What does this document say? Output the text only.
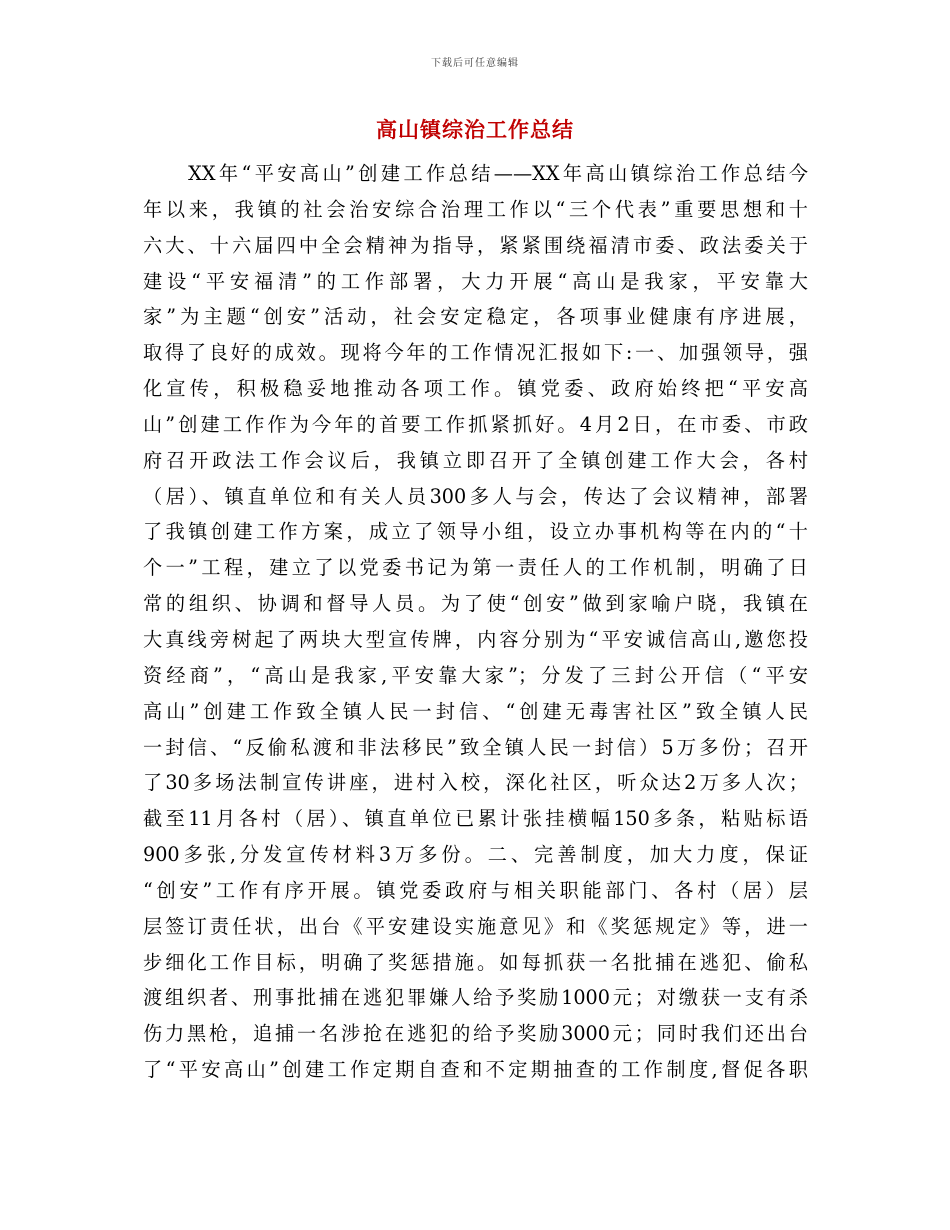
下载后可任意编辑
高山镇综治工作总结
　　XX年“平安高山”创建工作总结——XX年高山镇综治工作总结今
年以来，我镇的社会治安综合治理工作以“三个代表”重要思想和十
六大、十六届四中全会精神为指导，紧紧围绕福清市委、政法委关于
建设“平安福清”的工作部署，大力开展“高山是我家，平安靠大
家”为主题“创安”活动，社会安定稳定，各项事业健康有序进展，
取得了良好的成效。现将今年的工作情况汇报如下:一、加强领导，强
化宣传，积极稳妥地推动各项工作。镇党委、政府始终把“平安高
山”创建工作作为今年的首要工作抓紧抓好。4月2日，在市委、市政
府召开政法工作会议后，我镇立即召开了全镇创建工作大会，各村
（居）、镇直单位和有关人员300多人与会，传达了会议精神，部署
了我镇创建工作方案，成立了领导小组，设立办事机构等在内的“十
个一”工程，建立了以党委书记为第一责任人的工作机制，明确了日
常的组织、协调和督导人员。为了使“创安”做到家喻户晓，我镇在
大真线旁树起了两块大型宣传牌，内容分别为“平安诚信高山,邀您投
资经商”，“高山是我家,平安靠大家”；分发了三封公开信（“平安
高山”创建工作致全镇人民一封信、“创建无毒害社区”致全镇人民
一封信、“反偷私渡和非法移民”致全镇人民一封信）5万多份；召开
了30多场法制宣传讲座，进村入校，深化社区，听众达2万多人次；
截至11月各村（居）、镇直单位已累计张挂横幅150多条，粘贴标语
900多张,分发宣传材料3万多份。二、完善制度，加大力度，保证
“创安”工作有序开展。镇党委政府与相关职能部门、各村（居）层
层签订责任状，出台《平安建设实施意见》和《奖惩规定》等，进一
步细化工作目标，明确了奖惩措施。如每抓获一名批捕在逃犯、偷私
渡组织者、刑事批捕在逃犯罪嫌人给予奖励1000元；对缴获一支有杀
伤力黑枪，追捕一名涉抢在逃犯的给予奖励3000元；同时我们还出台
了“平安高山”创建工作定期自查和不定期抽查的工作制度,督促各职
